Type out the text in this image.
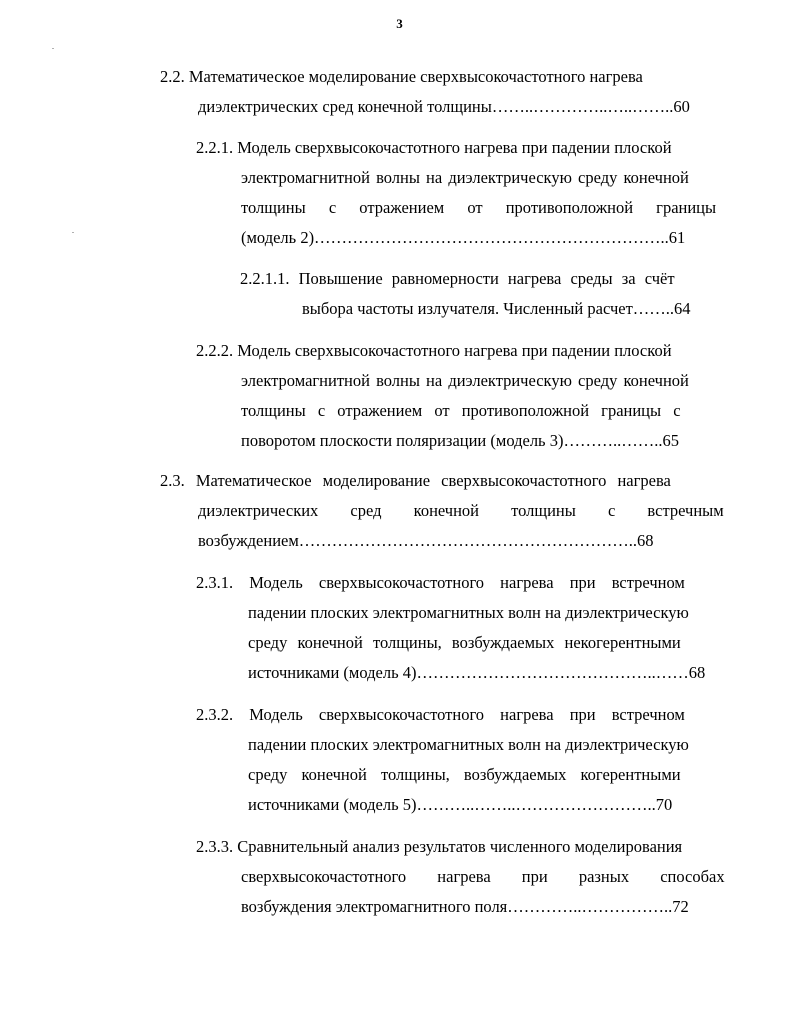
3
2.2. Математическое моделирование сверхвысокочастотного нагрева
диэлектрических сред конечной толщины……..…………..…..……..60
2.2.1. Модель сверхвысокочастотного нагрева при падении плоской
электромагнитной волны на диэлектрическую среду конечной
толщины с отражением от противоположной границы
(модель 2)………………………………………………………..61
2.2.1.1. Повышение равномерности нагрева среды за счёт
выбора частоты излучателя. Численный расчет……..64
2.2.2. Модель сверхвысокочастотного нагрева при падении плоской
электромагнитной волны на диэлектрическую среду конечной
толщины с отражением от противоположной границы с
поворотом плоскости поляризации (модель 3)………..……..65
2.3. Математическое моделирование сверхвысокочастотного нагрева
диэлектрических сред конечной толщины с встречным
возбуждением……………………………………………………..68
2.3.1. Модель сверхвысокочастотного нагрева при встречном
падении плоских электромагнитных волн на диэлектрическую
среду конечной толщины, возбуждаемых некогерентными
источниками (модель 4)……………………………………..……68
2.3.2. Модель сверхвысокочастотного нагрева при встречном
падении плоских электромагнитных волн на диэлектрическую
среду конечной толщины, возбуждаемых когерентными
источниками (модель 5)………..……..……………………..70
2.3.3. Сравнительный анализ результатов численного моделирования
сверхвысокочастотного нагрева при разных способах
возбуждения электромагнитного поля…………..……………..72
